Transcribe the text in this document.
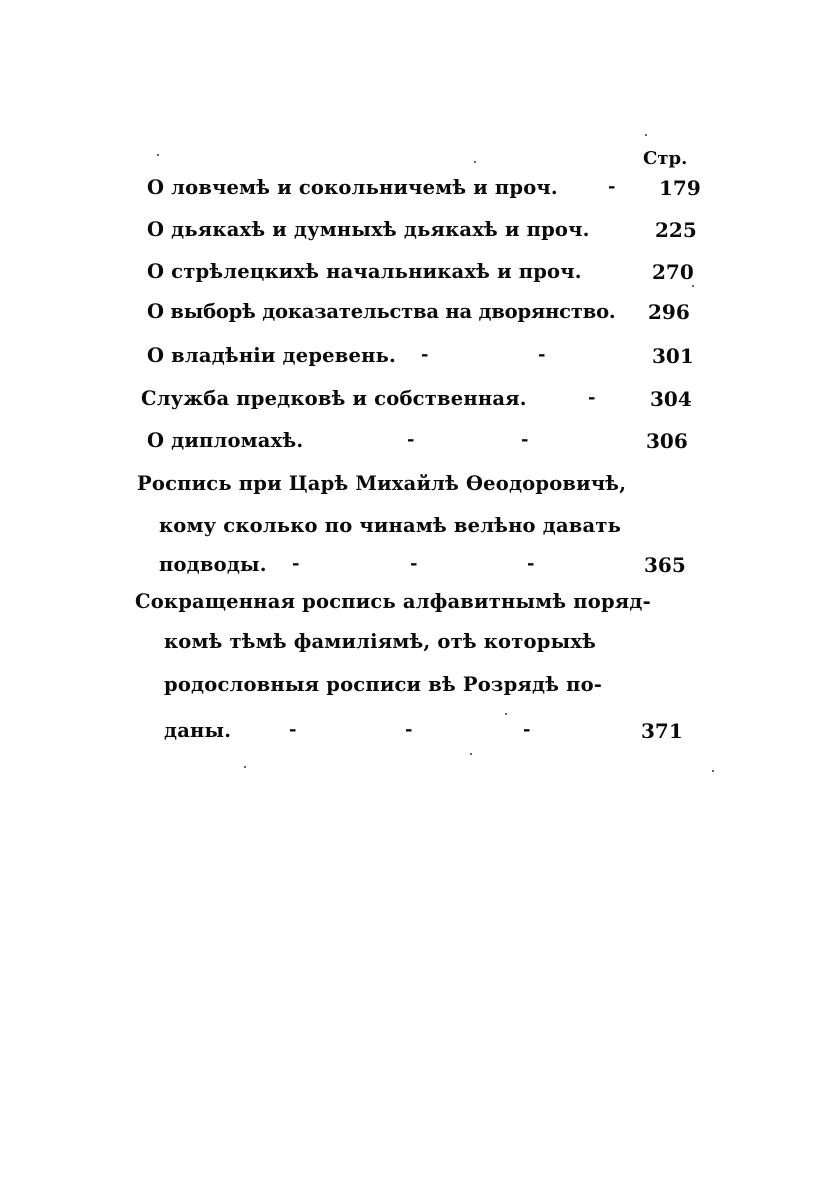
Стр.
О ловчемѣ и сокольничемѣ и проч.	- 179
О дьякахѣ и думныхѣ дьякахѣ и проч.	225
О стрѣлецкихѣ начальникахѣ и проч.	270
О выборѣ доказательства на дворянство. 296
О владѣніи деревень. -	-	301
Служба предковѣ и собственная.	-	304
О дипломахѣ.	-	-	306
Роспись при Царѣ Михайлѣ Ѳеодоровичѣ,
кому сколько по чинамѣ велѣно давать
подводы. -	-	-	365
Сокращенная роспись алфавитнымѣ поряд-
комѣ тѣмѣ фамиліямѣ, отѣ которыхѣ
родословныя росписи вѣ Розрядѣ по-
даны.	-	-	-	371
